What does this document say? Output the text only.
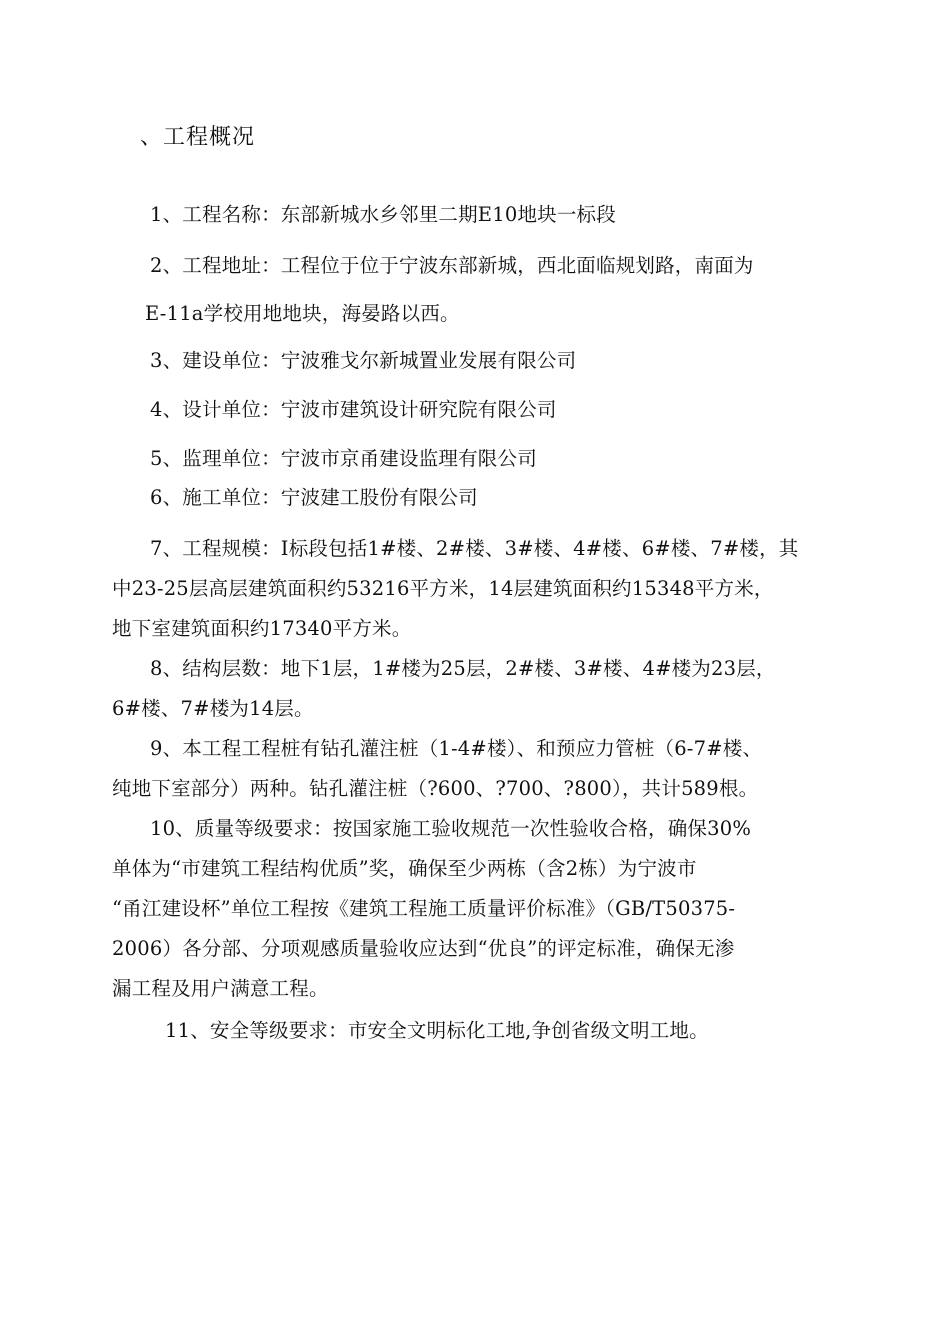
、工程概况
1、工程名称：东部新城水乡邻里二期E10地块一标段
2、工程地址：工程位于位于宁波东部新城，西北面临规划路，南面为
E-11a学校用地地块，海晏路以西。
3、建设单位：宁波雅戈尔新城置业发展有限公司
4、设计单位：宁波市建筑设计研究院有限公司
5、监理单位：宁波市京甬建设监理有限公司
6、施工单位：宁波建工股份有限公司
7、工程规模：I标段包括1#楼、2#楼、3#楼、4#楼、6#楼、7#楼，其
中23-25层高层建筑面积约53216平方米，14层建筑面积约15348平方米，
地下室建筑面积约17340平方米。
8、结构层数：地下1层，1#楼为25层，2#楼、3#楼、4#楼为23层，
6#楼、7#楼为14层。
9、本工程工程桩有钻孔灌注桩（1-4#楼）、和预应力管桩（6-7#楼、
纯地下室部分）两种。钻孔灌注桩（?600、?700、?800），共计589根。
10、质量等级要求：按国家施工验收规范一次性验收合格，确保30%
单体为“市建筑工程结构优质”奖，确保至少两栋（含2栋）为宁波市
“甬江建设杯”单位工程按《建筑工程施工质量评价标准》（GB/T50375-
2006）各分部、分项观感质量验收应达到“优良”的评定标准，确保无渗
漏工程及用户满意工程。
11、安全等级要求：市安全文明标化工地,争创省级文明工地。
